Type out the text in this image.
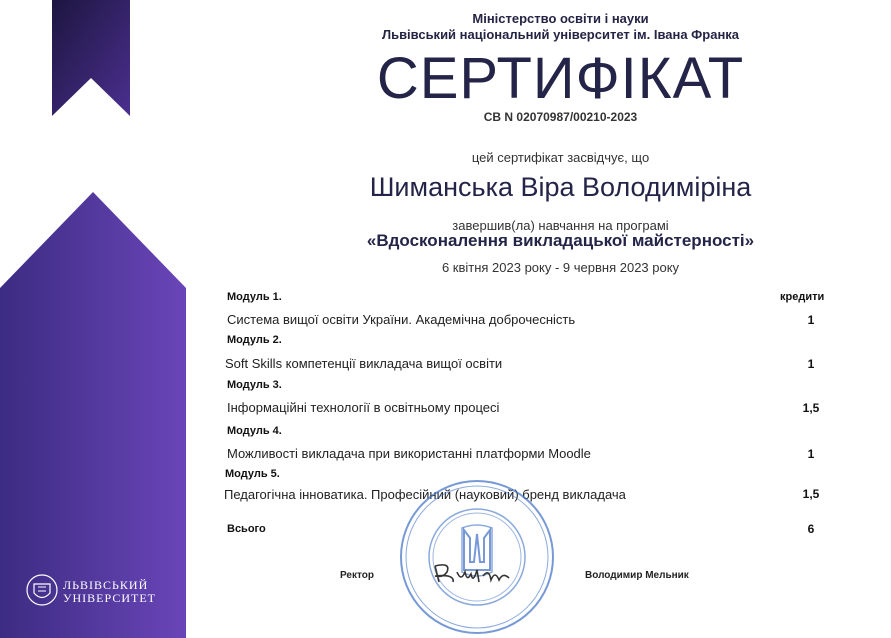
Міністерство освіти і науки
Львівський національний університет ім. Івана Франка
СЕРТИФІКАТ
СВ N 02070987/00210-2023
цей сертифікат засвідчує, що
Шиманська Віра Володиміріна
завершив(ла) навчання на програмі
«Вдосконалення викладацької майстерності»
6 квітня 2023 року - 9 червня 2023 року
Модуль 1.	кредити
Система вищої освіти України. Академічна доброчесність	1
Модуль 2.
Soft Skills компетенції викладача вищої освіти	1
Модуль 3.
Інформаційні технології в освітньому процесі	1,5
Модуль 4.
Можливості викладача при використанні платформи Moodle	1
Модуль 5.
Педагогічна інноватика. Професійний (науковий) бренд викладача	1,5
Всього	6
Ректор	Володимир Мельник
ЛЬВІВСЬКИЙ
УНІВЕРСИТЕТ
